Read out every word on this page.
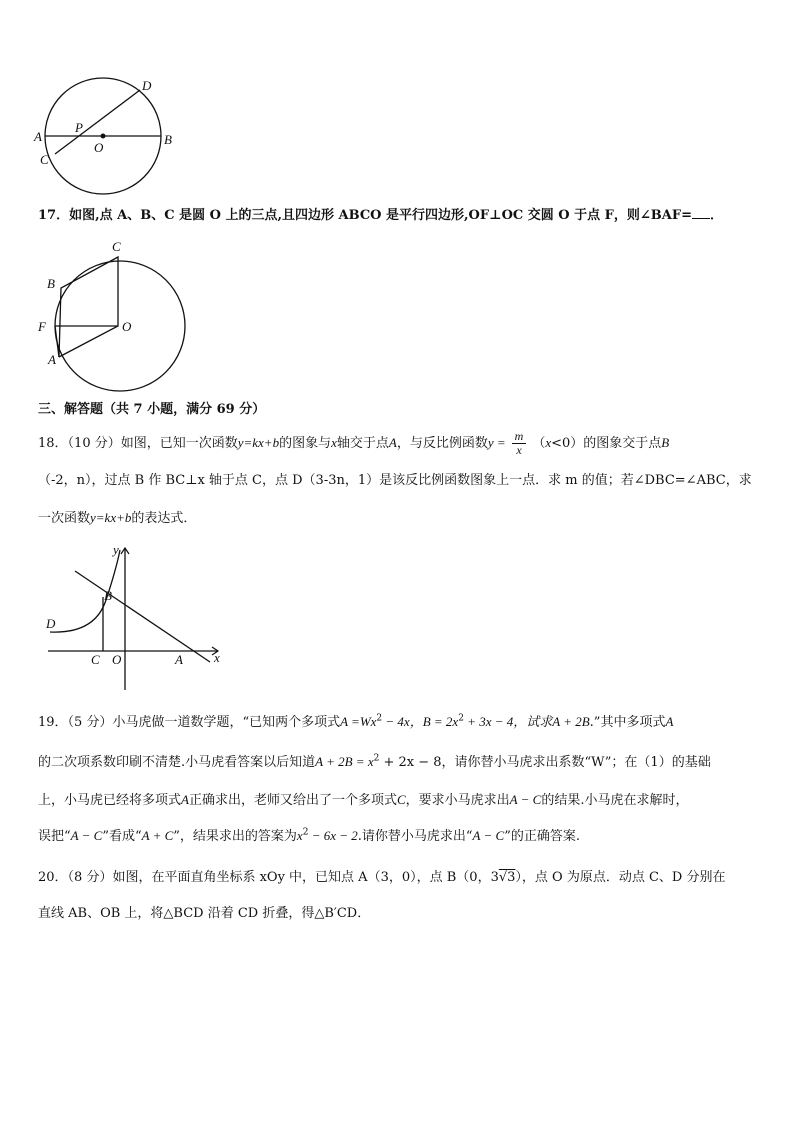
A	B
C
D
P
O
17．如图,点 A、B、C 是圆 O 上的三点,且四边形 ABCO 是平行四边形,OF⊥OC 交圆 O 于点 F，则∠BAF= ．
C
B
F	O
A
三、解答题（共 7 小题，满分 69 分）
18．（10 分）如图，已知一次函数y=kx+b的图象与x轴交于点A，与反比例函数$y = \frac{m}{x} (x<0)$的图象交于点B
（-2，n），过点 B 作 BC⊥x 轴于点 C，点 D（3-3n，1）是该反比例函数图象上一点．求 m 的值；若∠DBC=∠ABC，求
一次函数y=kx+b的表达式．
y
x
B
D
C O	A
19．（5 分）小马虎做一道数学题，“已知两个多项式$A =Wx^2 - 4x$，$B = 2x^2 + 3x - 4$，试求A + 2B.”其中多项式A
的二次项系数印刷不清楚.小马虎看答案以后知道$A + 2B = x^2 + 2x - 8$，请你替小马虎求出系数“W”；在（1）的基础
上，小马虎已经将多项式A正确求出，老师又给出了一个多项式C，要求小马虎求出A − C的结果.小马虎在求解时，
误把“A − C”看成“A + C”，结果求出的答案为$x^2 - 6x - 2$.请你替小马虎求出“A − C”的正确答案.
20．（8 分）如图，在平面直角坐标系 xOy 中，已知点 A（3，0），点 B（0，3√3），点 O 为原点．动点 C、D 分别在
直线 AB、OB 上，将△BCD 沿着 CD 折叠，得△B′CD．
